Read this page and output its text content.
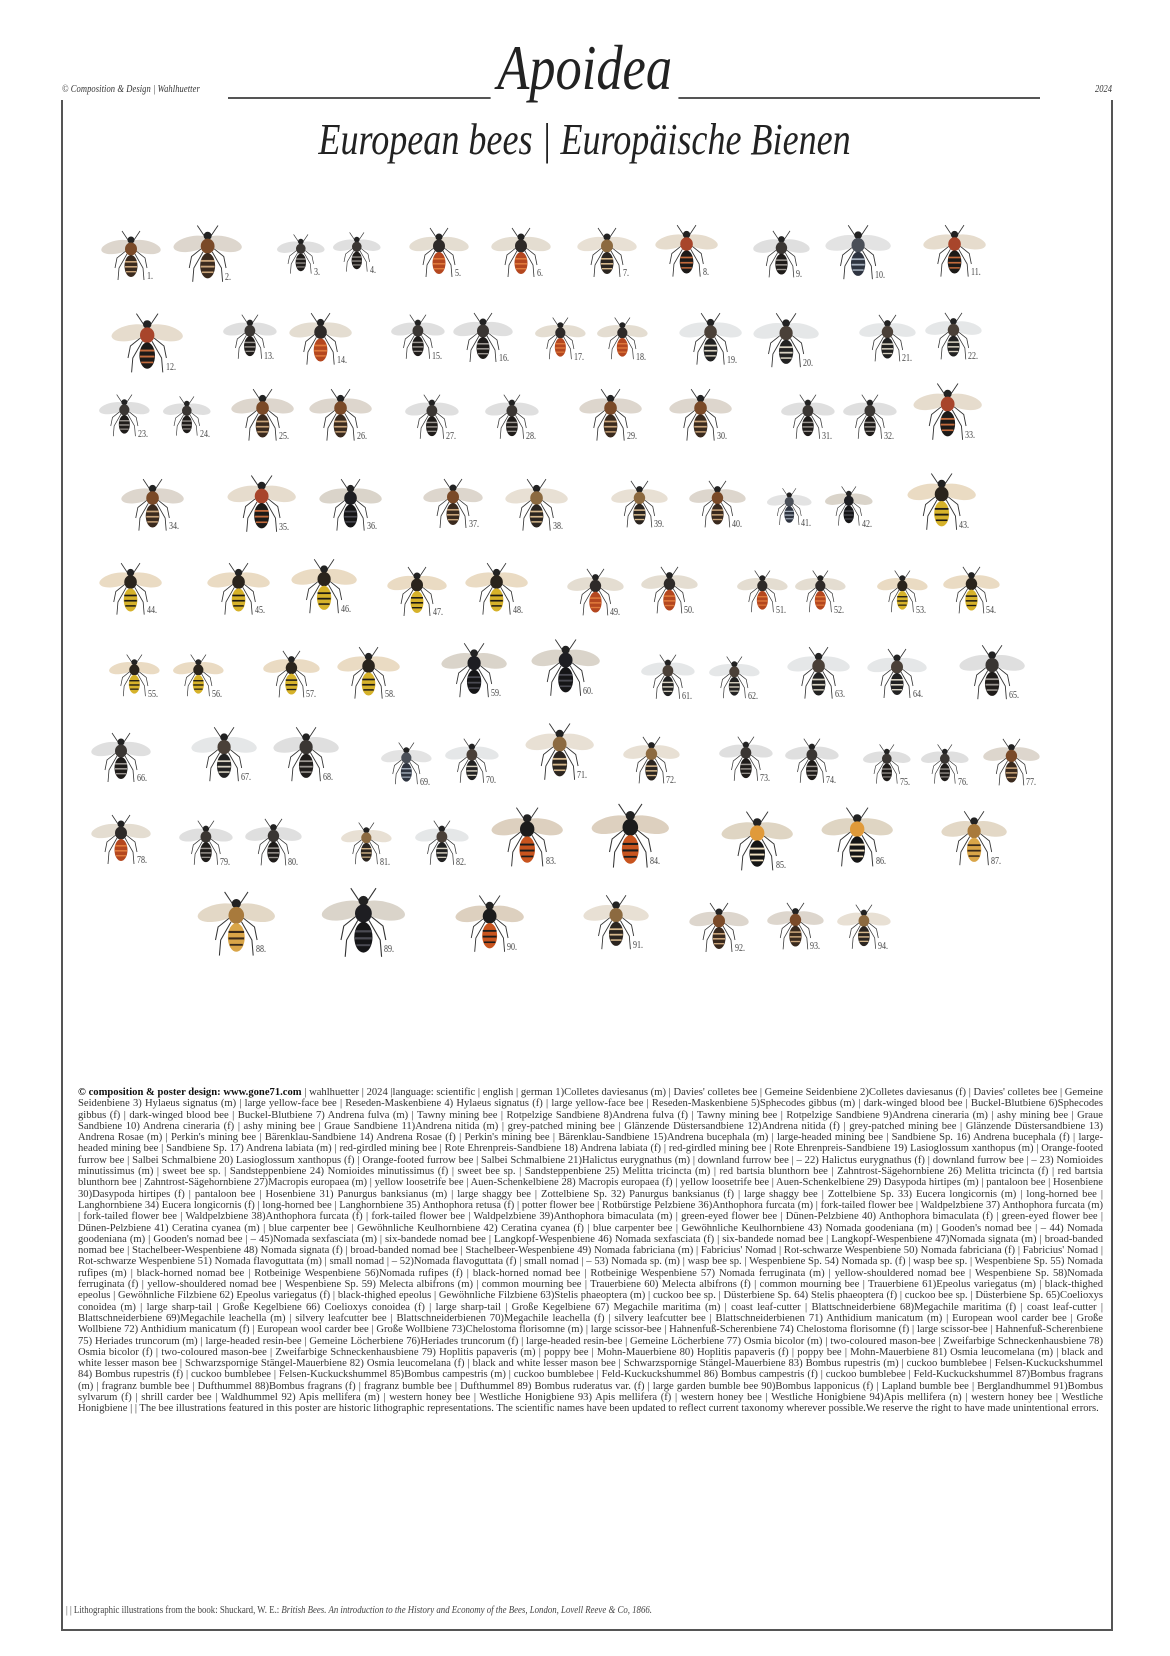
© Composition & Design | Wahlhuetter	2024
Apoidea
European bees | Europäische Bienen
1.	2.	3.	4.	5.	6.	7.	8.	9.	10.	11.
12.
13.	14.	15.	16.	17.	18.	19.	20.	21.	22.
23.	24.	25.	26.	27.	28.	29.	30.	31.	32.	33.
34.	35.	36.	37.	38.	39.	40.	41.	42.	43.
44.	45.	46.	47.	48.	49.	50.	51.	52.	53.	54.
55.	56.	57.	58.	59.	60.	61.	62.	63.	64.	65.
66.	67.	68.	69.	70.	71.	72.	73.	74.	75.	76.	77.
78.	79.	80.	81.	82.	83.	84.	85.	86.	87.
88.	89.	90.	91.	92.	93.	94.
© composition & poster design: www.gone71.com | wahlhuetter | 2024 |language: scientific | english | german 1)Colletes daviesanus (m) | Davies' colletes bee | Gemeine Seidenbiene 2)Colletes daviesanus (f) | Davies' colletes bee | Gemeine Seidenbiene 3) Hylaeus signatus (m) | large yellow-face bee | Reseden-Maskenbiene 4) Hylaeus signatus (f) | large yellow-face bee | Reseden-Maskenbiene 5)Sphecodes gibbus (m) | dark-winged blood bee | Buckel-Blutbiene 6)Sphecodes gibbus (f) | dark-winged blood bee | Buckel-Blutbiene 7) Andrena fulva (m) | Tawny mining bee | Rotpelzige Sandbiene 8)Andrena fulva (f) | Tawny mining bee | Rotpelzige Sandbiene 9)Andrena cineraria (m) | ashy mining bee | Graue Sandbiene 10) Andrena cineraria (f) | ashy mining bee | Graue Sandbiene 11)Andrena nitida (m) | grey-patched mining bee | Glänzende Düstersandbiene 12)Andrena nitida (f) | grey-patched mining bee | Glänzende Düstersandbiene 13) Andrena Rosae (m) | Perkin's mining bee | Bärenklau-Sandbiene 14) Andrena Rosae (f) | Perkin's mining bee | Bärenklau-Sandbiene 15)Andrena bucephala (m) | large-headed mining bee | Sandbiene Sp. 16) Andrena bucephala (f) | large-headed mining bee | Sandbiene Sp. 17) Andrena labiata (m) | red-girdled mining bee | Rote Ehrenpreis-Sandbiene 18) Andrena labiata (f) | red-girdled mining bee | Rote Ehrenpreis-Sandbiene 19) Lasioglossum xanthopus (m) | Orange-footed furrow bee | Salbei Schmalbiene 20) Lasioglossum xanthopus (f) | Orange-footed furrow bee | Salbei Schmalbiene 21)Halictus eurygnathus (m) | downland furrow bee | – 22) Halictus eurygnathus (f) | downland furrow bee | – 23) Nomioides minutissimus (m) | sweet bee sp. | Sandsteppenbiene 24) Nomioides minutissimus (f) | sweet bee sp. | Sandsteppenbiene 25) Melitta tricincta (m) | red bartsia blunthorn bee | Zahntrost-Sägehornbiene 26) Melitta tricincta (f) | red bartsia blunthorn bee | Zahntrost-Sägehornbiene 27)Macropis europaea (m) | yellow loosetrife bee | Auen-Schenkelbiene 28) Macropis europaea (f) | yellow loosetrife bee | Auen-Schenkelbiene 29) Dasypoda hirtipes (m) | pantaloon bee | Hosenbiene 30)Dasypoda hirtipes (f) | pantaloon bee | Hosenbiene 31) Panurgus banksianus (m) | large shaggy bee | Zottelbiene Sp. 32) Panurgus banksianus (f) | large shaggy bee | Zottelbiene Sp. 33) Eucera longicornis (m) | long-horned bee | Langhornbiene 34) Eucera longicornis (f) | long-horned bee | Langhornbiene 35) Anthophora retusa (f) | potter flower bee | Rotbürstige Pelzbiene 36)Anthophora furcata (m) | fork-tailed flower bee | Waldpelzbiene 37) Anthophora furcata (m) | fork-tailed flower bee | Waldpelzbiene 38)Anthophora furcata (f) | fork-tailed flower bee | Waldpelzbiene 39)Anthophora bimaculata (m) | green-eyed flower bee | Dünen-Pelzbiene 40) Anthophora bimaculata (f) | green-eyed flower bee | Dünen-Pelzbiene 41) Ceratina cyanea (m) | blue carpenter bee | Gewöhnliche Keulhornbiene 42) Ceratina cyanea (f) | blue carpenter bee | Gewöhnliche Keulhornbiene 43) Nomada goodeniana (m) | Gooden's nomad bee | – 44) Nomada goodeniana (m) | Gooden's nomad bee | – 45)Nomada sexfasciata (m) | six-bandede nomad bee | Langkopf-Wespenbiene 46) Nomada sexfasciata (f) | six-bandede nomad bee | Langkopf-Wespenbiene 47)Nomada signata (m) | broad-banded nomad bee | Stachelbeer-Wespenbiene 48) Nomada signata (f) | broad-banded nomad bee | Stachelbeer-Wespenbiene 49) Nomada fabriciana (m) | Fabricius' Nomad | Rot-schwarze Wespenbiene 50) Nomada fabriciana (f) | Fabricius' Nomad | Rot-schwarze Wespenbiene 51) Nomada flavoguttata (m) | small nomad | – 52)Nomada flavoguttata (f) | small nomad | – 53) Nomada sp. (m) | wasp bee sp. | Wespenbiene Sp. 54) Nomada sp. (f) | wasp bee sp. | Wespenbiene Sp. 55) Nomada rufipes (m) | black-horned nomad bee | Rotbeinige Wespenbiene 56)Nomada rufipes (f) | black-horned nomad bee | Rotbeinige Wespenbiene 57) Nomada ferruginata (m) | yellow-shouldered nomad bee | Wespenbiene Sp. 58)Nomada ferruginata (f) | yellow-shouldered nomad bee | Wespenbiene Sp. 59) Melecta albifrons (m) | common mourning bee | Trauerbiene 60) Melecta albifrons (f) | common mourning bee | Trauerbiene 61)Epeolus variegatus (m) | black-thighed epeolus | Gewöhnliche Filzbiene 62) Epeolus variegatus (f) | black-thighed epeolus | Gewöhnliche Filzbiene 63)Stelis phaeoptera (m) | cuckoo bee sp. | Düsterbiene Sp. 64) Stelis phaeoptera (f) | cuckoo bee sp. | Düsterbiene Sp. 65)Coelioxys conoidea (m) | large sharp-tail | Große Kegelbiene 66) Coelioxys conoidea (f) | large sharp-tail | Große Kegelbiene 67) Megachile maritima (m) | coast leaf-cutter | Blattschneiderbiene 68)Megachile maritima (f) | coast leaf-cutter | Blattschneiderbiene 69)Megachile leachella (m) | silvery leafcutter bee | Blattschneiderbienen 70)Megachile leachella (f) | silvery leafcutter bee | Blattschneiderbienen 71) Anthidium manicatum (m) | European wool carder bee | Große Wollbiene 72) Anthidium manicatum (f) | European wool carder bee | Große Wollbiene 73)Chelostoma florisomne (m) | large scissor-bee | Hahnenfuß-Scherenbiene 74) Chelostoma florisomne (f) | large scissor-bee | Hahnenfuß-Scherenbiene 75) Heriades truncorum (m) | large-headed resin-bee | Gemeine Löcherbiene 76)Heriades truncorum (f) | large-headed resin-bee | Gemeine Löcherbiene 77) Osmia bicolor (m) | two-coloured mason-bee | Zweifarbige Schneckenhausbiene 78) Osmia bicolor (f) | two-coloured mason-bee | Zweifarbige Schneckenhausbiene 79) Hoplitis papaveris (m) | poppy bee | Mohn-Mauerbiene 80) Hoplitis papaveris (f) | poppy bee | Mohn-Mauerbiene 81) Osmia leucomelana (m) | black and white lesser mason bee | Schwarzspornige Stängel-Mauerbiene 82) Osmia leucomelana (f) | black and white lesser mason bee | Schwarzspornige Stängel-Mauerbiene 83) Bombus rupestris (m) | cuckoo bumblebee | Felsen-Kuckuckshummel 84) Bombus rupestris (f) | cuckoo bumblebee | Felsen-Kuckuckshummel 85)Bombus campestris (m) | cuckoo bumblebee | Feld-Kuckuckshummel 86) Bombus campestris (f) | cuckoo bumblebee | Feld-Kuckuckshummel 87)Bombus fragrans (m) | fragranz bumble bee | Dufthummel 88)Bombus fragrans (f) | fragranz bumble bee | Dufthummel 89) Bombus ruderatus var. (f) | large garden bumble bee 90)Bombus lapponicus (f) | Lapland bumble bee | Berglandhummel 91)Bombus sylvarum (f) | shrill carder bee | Waldhummel 92) Apis mellifera (m) | western honey bee | Westliche Honigbiene 93) Apis mellifera (f) | western honey bee | Westliche Honigbiene 94)Apis mellifera (n) | western honey bee | Westliche Honigbiene | | The bee illustrations featured in this poster are historic lithographic representations. The scientific names have been updated to reflect current taxonomy wherever possible.We reserve the right to have made unintentional errors.
| | Lithographic illustrations from the book: Shuckard, W. E.: British Bees. An introduction to the History and Economy of the Bees, London, Lovell Reeve & Co, 1866.
